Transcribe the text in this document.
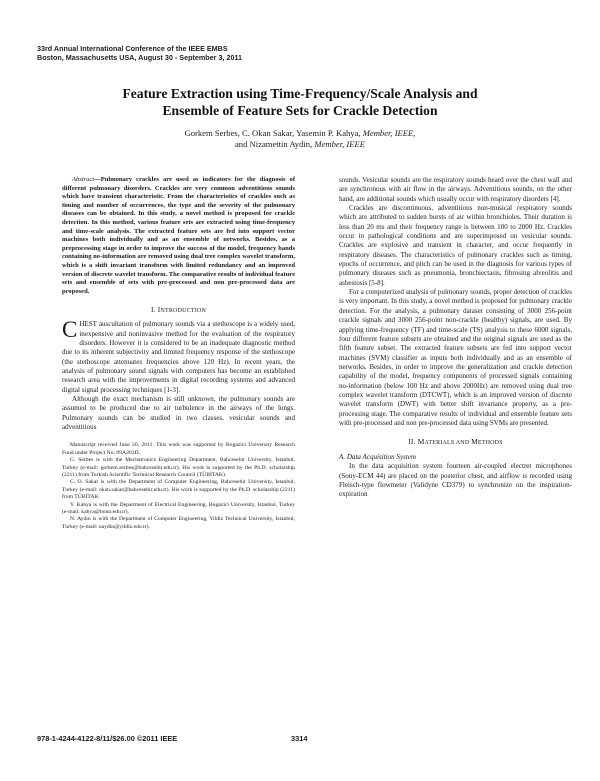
33rd Annual International Conference of the IEEE EMBS
Boston, Massachusetts USA, August 30 - September 3, 2011
Feature Extraction using Time-Frequency/Scale Analysis and
Ensemble of Feature Sets for Crackle Detection
Gorkem Serbes, C. Okan Sakar, Yasemin P. Kahya, Member, IEEE,
and Nizamettin Aydin, Member, IEEE

Abstract—Pulmonary crackles are used as indicators for the diagnosis of different pulmonary disorders. Crackles are very common adventitious sounds which have transient characteristic. From the characteristics of crackles such as timing and number of occurrences, the type and the severity of the pulmonary diseases can be obtained. In this study, a novel method is proposed for crackle detection. In this method, various feature sets are extracted using time-frequency and time-scale analysis. The extracted feature sets are fed into support vector machines both individually and as an ensemble of networks. Besides, as a preprocessing stage in order to improve the success of the model, frequency bands containing no-information are removed using dual tree complex wavelet transform, which is a shift invariant transform with limited redundancy and an improved version of discrete wavelet transform. The comparative results of individual feature sets and ensemble of sets with pre-processed and non pre-processed data are proposed.

I. INTRODUCTION

CHEST auscultation of pulmonary sounds via a stethoscope is a widely used, inexpensive and noninvasive method for the evaluation of the respiratory disorders. However it is considered to be an inadequate diagnostic method due to its inherent subjectivity and limited frequency response of the stethoscope (the stethoscope attenuates frequencies above 120 Hz). In recent years, the analysis of pulmonary sound signals with computers has become an established research area with the improvements in digital recording systems and advanced digital signal processing techniques [1-3].

Although the exact mechanism is still unknown, the pulmonary sounds are assumed to be produced due to air turbulence in the airways of the lungs. Pulmonary sounds can be studied in two classes, vesicular sounds and adventitious

Manuscript received June 20, 2011. This work was supported by Bogazici University Research Fund under Project No. 09A203D.

G. Serbes is with the Mechatronics Engineering Department, Bahcesehir University, Istanbul, Turkey (e-mail: gorkem.serbes@bahcesehir.edu.tr). His work is supported by the Ph.D. scholarship (2211) from Turkish Scientific Technical Research Council (TÜBİTAK).

C. O. Sakar is with the Department of Computer Engineering, Bahcesehir University, Istanbul, Turkey (e-mail: okan.sakar@bahcesehir.edu.tr). His work is supported by the Ph.D. scholarship (2211) from TÜBİTAK.

Y. Kahya is with the Department of Electrical Engineering, Bogazici University, Istanbul, Turkey (e-mail: kahya@boun.edu.tr).

N. Aydin is with the Department of Computer Engineering, Yildiz Technical University, Istanbul, Turkey (e-mail: naydin@yildiz.edu.tr).

sounds. Vesicular sounds are the respiratory sounds heard over the chest wall and are synchronous with air flow in the airways. Adventitious sounds, on the other hand, are additional sounds which usually occur with respiratory disorders [4].

Crackles are discontinuous, adventitious non-musical respiratory sounds which are attributed to sudden bursts of air within bronchioles. Their duration is less than 20 ms and their frequency range is between 100 to 2000 Hz. Crackles occur in pathological conditions and are superimposed on vesicular sounds. Crackles are explosive and transient in character, and occur frequently in respiratory diseases. The characteristics of pulmonary crackles such as timing, epochs of occurrence, and pitch can be used in the diagnosis for various types of pulmonary diseases such as pneumonia, bronchiectasis, fibrosing alveolitis and asbestosis [5-8].

For a computerized analysis of pulmonary sounds, proper detection of crackles is very important. In this study, a novel method is proposed for pulmonary crackle detection. For the analysis, a pulmonary dataset consisting of 3000 256-point crackle signals and 3000 256-point non-crackle (healthy) signals, are used. By applying time-frequency (TF) and time-scale (TS) analysis to these 6000 signals, four different feature subsets are obtained and the original signals are used as the fifth feature subset. The extracted feature subsets are fed into support vector machines (SVM) classifier as inputs both individually and as an ensemble of networks. Besides, in order to improve the generalization and crackle detection capability of the model, frequency components of processed signals containing no-information (below 100 Hz and above 2000Hz) are removed using dual tree complex wavelet transform (DTCWT), which is an improved version of discrete wavelet transform (DWT) with better shift invariance property, as a pre-processing stage. The comparative results of individual and ensemble feature sets with pre-processed and non pre-processed data using SVMs are presented.

II. MATERIALS AND METHODS
A. Data Acquisition System

In the data acquisition system fourteen air-coupled electret microphones (Sony-ECM 44) are placed on the posterior chest, and airflow is recorded using Fleisch-type flowmeter (Validyne CD379) to synchronize on the inspiration-expiration

978-1-4244-4122-8/11/$26.00 ©2011 IEEE	3314
